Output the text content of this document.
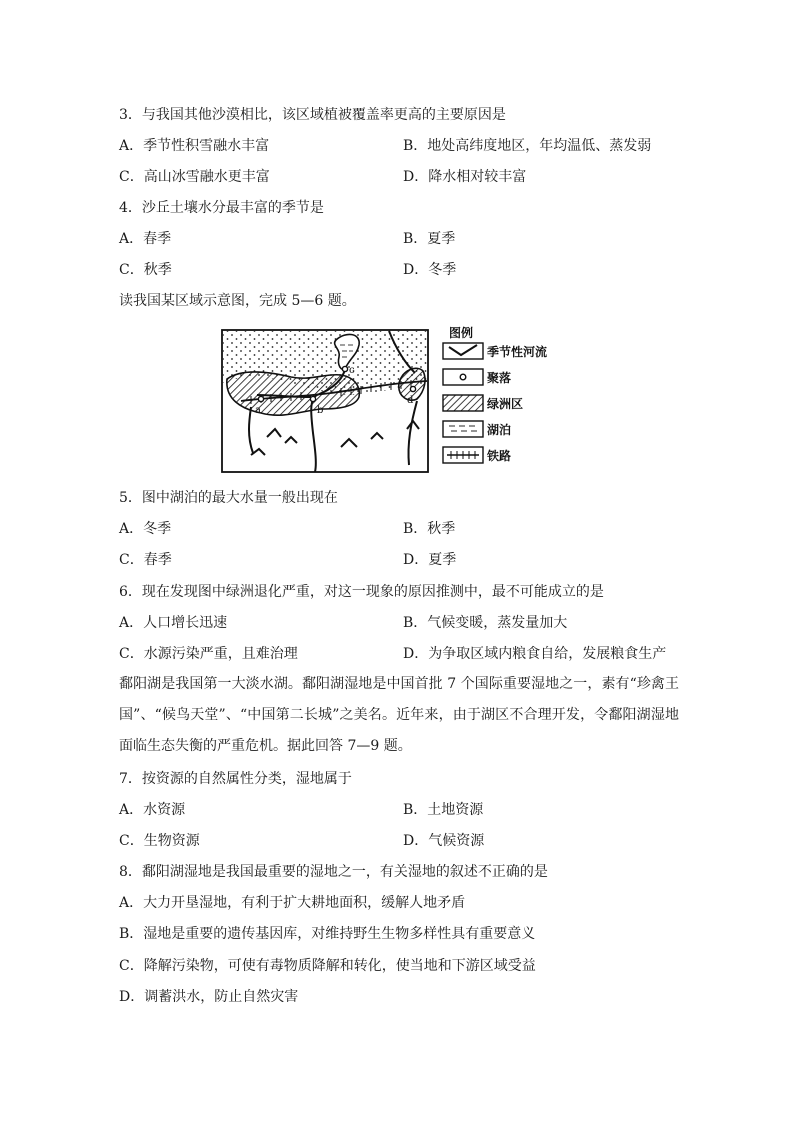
3．与我国其他沙漠相比，该区域植被覆盖率更高的主要原因是
A．季节性积雪融水丰富	B．地处高纬度地区，年均温低、蒸发弱
C．高山冰雪融水更丰富	D．降水相对较丰富
4．沙丘土壤水分最丰富的季节是
A．春季	B．夏季
C．秋季	D．冬季
读我国某区域示意图，完成 5—6 题。
a	b
c
d
图例
季节性河流
聚落
绿洲区
湖泊
铁路
5．图中湖泊的最大水量一般出现在
A．冬季	B．秋季
C．春季	D．夏季
6．现在发现图中绿洲退化严重，对这一现象的原因推测中，最不可能成立的是
A．人口增长迅速	B．气候变暖，蒸发量加大
C．水源污染严重，且难治理	D．为争取区域内粮食自给，发展粮食生产
鄱阳湖是我国第一大淡水湖。鄱阳湖湿地是中国首批 7 个国际重要湿地之一，素有“珍禽王国”、“候鸟天堂”、“中国第二长城”之美名。近年来，由于湖区不合理开发，令鄱阳湖湿地面临生态失衡的严重危机。据此回答 7—9 题。
7．按资源的自然属性分类，湿地属于
A．水资源	B．土地资源
C．生物资源	D．气候资源
8．鄱阳湖湿地是我国最重要的湿地之一，有关湿地的叙述不正确的是
A．大力开垦湿地，有利于扩大耕地面积，缓解人地矛盾
B．湿地是重要的遗传基因库，对维持野生生物多样性具有重要意义
C．降解污染物，可使有毒物质降解和转化，使当地和下游区域受益
D．调蓄洪水，防止自然灾害
